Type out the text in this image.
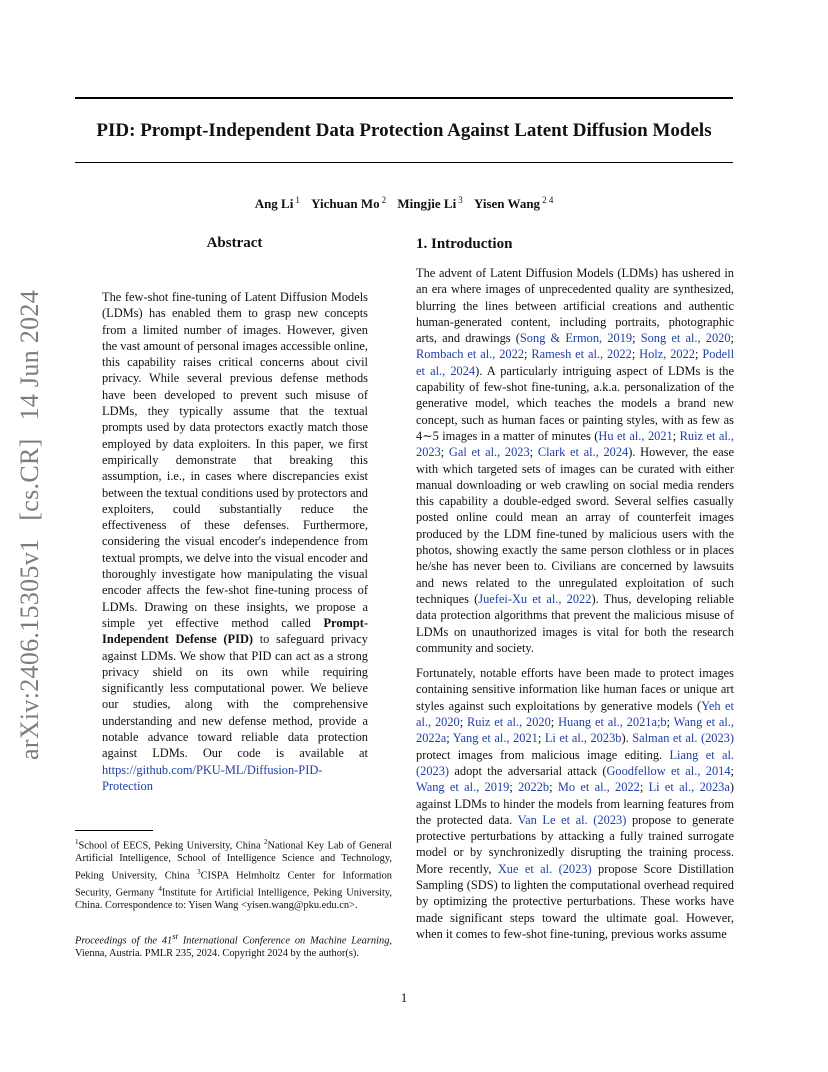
PID: Prompt-Independent Data Protection Against Latent Diffusion Models
Ang Li $^1$ Yichuan Mo $^2$ Mingjie Li $^3$ Yisen Wang $^{2 4}$
arXiv:2406.15305v1[cs.CR]14 Jun 2024
Abstract

The few-shot fine-tuning of Latent Diffusion Models (LDMs) has enabled them to grasp new concepts from a limited number of images. However, given the vast amount of personal images accessible online, this capability raises critical concerns about civil privacy. While several previous defense methods have been developed to prevent such misuse of LDMs, they typically assume that the textual prompts used by data protectors exactly match those employed by data exploiters. In this paper, we first empirically demonstrate that breaking this assumption, i.e., in cases where discrepancies exist between the textual conditions used by protectors and exploiters, could substantially reduce the effectiveness of these defenses. Furthermore, considering the visual encoder's independence from textual prompts, we delve into the visual encoder and thoroughly investigate how manipulating the visual encoder affects the few-shot fine-tuning process of LDMs. Drawing on these insights, we propose a simple yet effective method called Prompt-Independent Defense (PID) to safeguard privacy against LDMs. We show that PID can act as a strong privacy shield on its own while requiring significantly less computational power. We believe our studies, along with the comprehensive understanding and new defense method, provide a notable advance toward reliable data protection against LDMs. Our code is available at https://github.com/PKU-ML/Diffusion-PID-Protection

$^1$School of EECS, Peking University, China $^2$National Key Lab of General Artificial Intelligence, School of Intelligence Science and Technology, Peking University, China $^3$CISPA Helmholtz Center for Information Security, Germany $^4$Institute for Artificial Intelligence, Peking University, China. Correspondence to: Yisen Wang <yisen.wang@pku.edu.cn>.
Proceedings of the 41st International Conference on Machine Learning, Vienna, Austria. PMLR 235, 2024. Copyright 2024 by the author(s).
1. Introduction

The advent of Latent Diffusion Models (LDMs) has ushered in an era where images of unprecedented quality are synthesized, blurring the lines between artificial creations and authentic human-generated content, including portraits, photographic arts, and drawings (Song & Ermon, 2019; Song et al., 2020; Rombach et al., 2022; Ramesh et al., 2022; Holz, 2022; Podell et al., 2024). A particularly intriguing aspect of LDMs is the capability of few-shot fine-tuning, a.k.a. personalization of the generative model, which teaches the models a brand new concept, such as human faces or painting styles, with as few as 4∼5 images in a matter of minutes (Hu et al., 2021; Ruiz et al., 2023; Gal et al., 2023; Clark et al., 2024). However, the ease with which targeted sets of images can be curated with either manual downloading or web crawling on social media renders this capability a double-edged sword. Several selfies casually posted online could mean an array of counterfeit images produced by the LDM fine-tuned by malicious users with the photos, showing exactly the same person clothless or in places he/she has never been to. Civilians are concerned by lawsuits and news related to the unregulated exploitation of such techniques (Juefei-Xu et al., 2022). Thus, developing reliable data protection algorithms that prevent the malicious misuse of LDMs on unauthorized images is vital for both the research community and society.

Fortunately, notable efforts have been made to protect images containing sensitive information like human faces or unique art styles against such exploitations by generative models (Yeh et al., 2020; Ruiz et al., 2020; Huang et al., 2021a;b; Wang et al., 2022a; Yang et al., 2021; Li et al., 2023b). Salman et al. (2023) protect images from malicious image editing. Liang et al. (2023) adopt the adversarial attack (Goodfellow et al., 2014; Wang et al., 2019; 2022b; Mo et al., 2022; Li et al., 2023a) against LDMs to hinder the models from learning features from the protected data. Van Le et al. (2023) propose to generate protective perturbations by attacking a fully trained surrogate model or by synchronizedly disrupting the training process. More recently, Xue et al. (2023) propose Score Distillation Sampling (SDS) to lighten the computational overhead required by optimizing the protective perturbations. These works have made significant steps toward the ultimate goal. However, when it comes to few-shot fine-tuning, previous works assume

1
